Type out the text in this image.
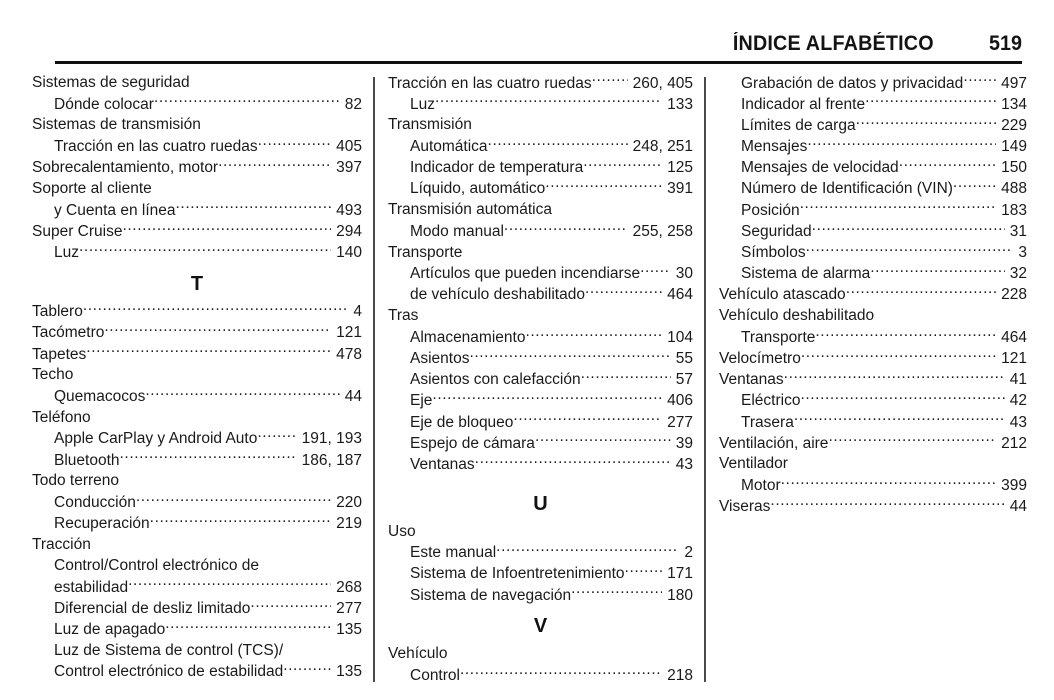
ÍNDICE ALFABÉTICO	519
Sistemas de seguridad
Dónde colocar .....	82
Sistemas de transmisión
Tracción en las cuatro ruedas .....	405
Sobrecalentamiento, motor .....	397
Soporte al cliente
y Cuenta en línea .....	493
Super Cruise .....	294
Luz .....	140
T
Tablero .....	4
Tacómetro .....	121
Tapetes .....	478
Techo
Quemacocos .....	44
Teléfono
Apple CarPlay y Android Auto .....	191, 193
Bluetooth .....	186, 187
Todo terreno
Conducción .....	220
Recuperación .....	219
Tracción
Control/Control electrónico de
estabilidad .....	268
Diferencial de desliz limitado .....	277
Luz de apagado .....	135
Luz de Sistema de control (TCS)/
Control electrónico de estabilidad .....	135
Tracción en las cuatro ruedas .....	260, 405
Luz .....	133
Transmisión
Automática .....	248, 251
Indicador de temperatura .....	125
Líquido, automático .....	391
Transmisión automática
Modo manual .....	255, 258
Transporte
Artículos que pueden incendiarse ..... 30
de vehículo deshabilitado .....	464
Tras
Almacenamiento .....	104
Asientos .....	55
Asientos con calefacción .....	57
Eje .....	406
Eje de bloqueo .....	277
Espejo de cámara .....	39
Ventanas .....	43
U
Uso
Este manual .....	2
Sistema de Infoentretenimiento .....	171
Sistema de navegación .....	180
V
Vehículo
Control .....	218
Grabación de datos y privacidad ..... 497
Indicador al frente .....	134
Límites de carga .....	229
Mensajes .....	149
Mensajes de velocidad .....	150
Número de Identificación (VIN) .....	488
Posición .....	183
Seguridad .....	31
Símbolos .....	3
Sistema de alarma .....	32
Vehículo atascado .....	228
Vehículo deshabilitado
Transporte .....	464
Velocímetro .....	121
Ventanas .....	41
Eléctrico .....	42
Trasera .....	43
Ventilación, aire .....	212
Ventilador
Motor .....	399
Viseras .....	44
